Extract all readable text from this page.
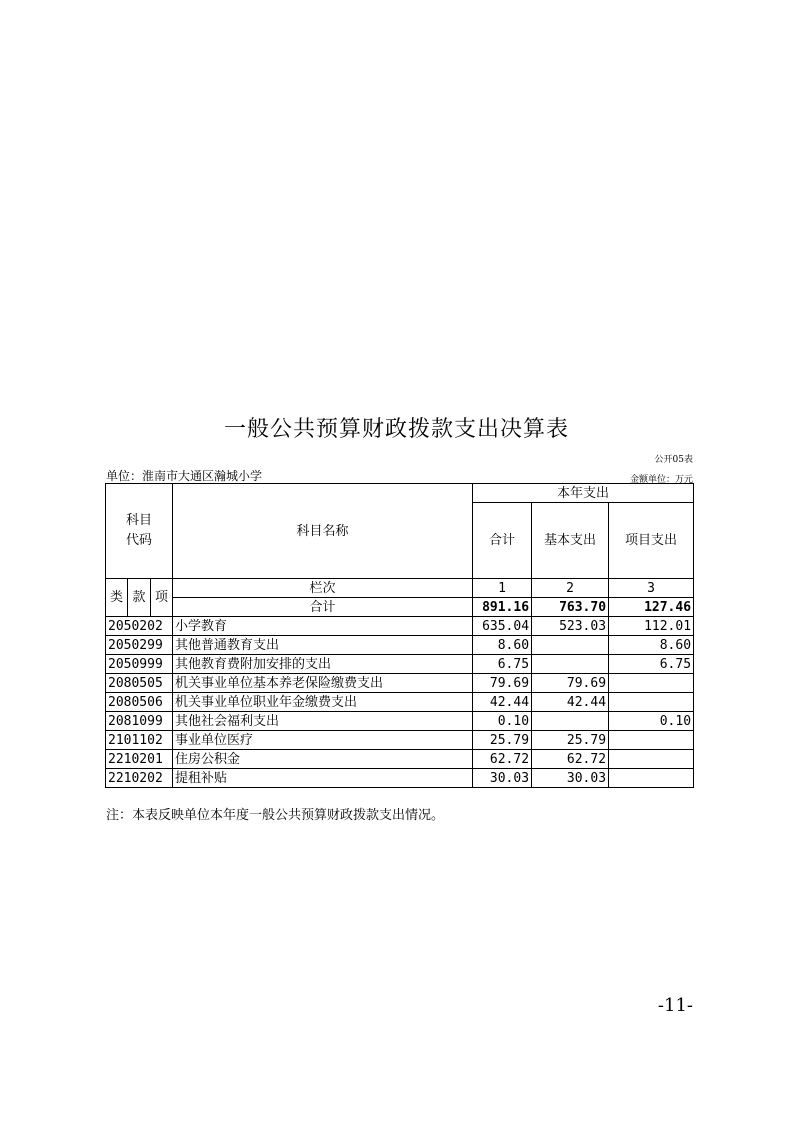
一般公共预算财政拨款支出决算表
公开05表
单位：淮南市大通区瀚城小学	金额单位：万元
科目
代码			科目名称	本年支出		
				合计	基本支出	项目支出

类	款	项	栏次	1	2	3
			合计	891.16	763.70	127.46
2050202			小学教育	635.04	523.03	112.01
2050299			其他普通教育支出	8.60		8.60
2050999			其他教育费附加安排的支出	6.75		6.75
2080505			机关事业单位基本养老保险缴费支出	79.69	79.69	
2080506			机关事业单位职业年金缴费支出	42.44	42.44	
2081099			其他社会福利支出	0.10		0.10
2101102			事业单位医疗	25.79	25.79	
2210201			住房公积金	62.72	62.72	
2210202			提租补贴	30.03	30.03	
注：本表反映单位本年度一般公共预算财政拨款支出情况。
-11-
